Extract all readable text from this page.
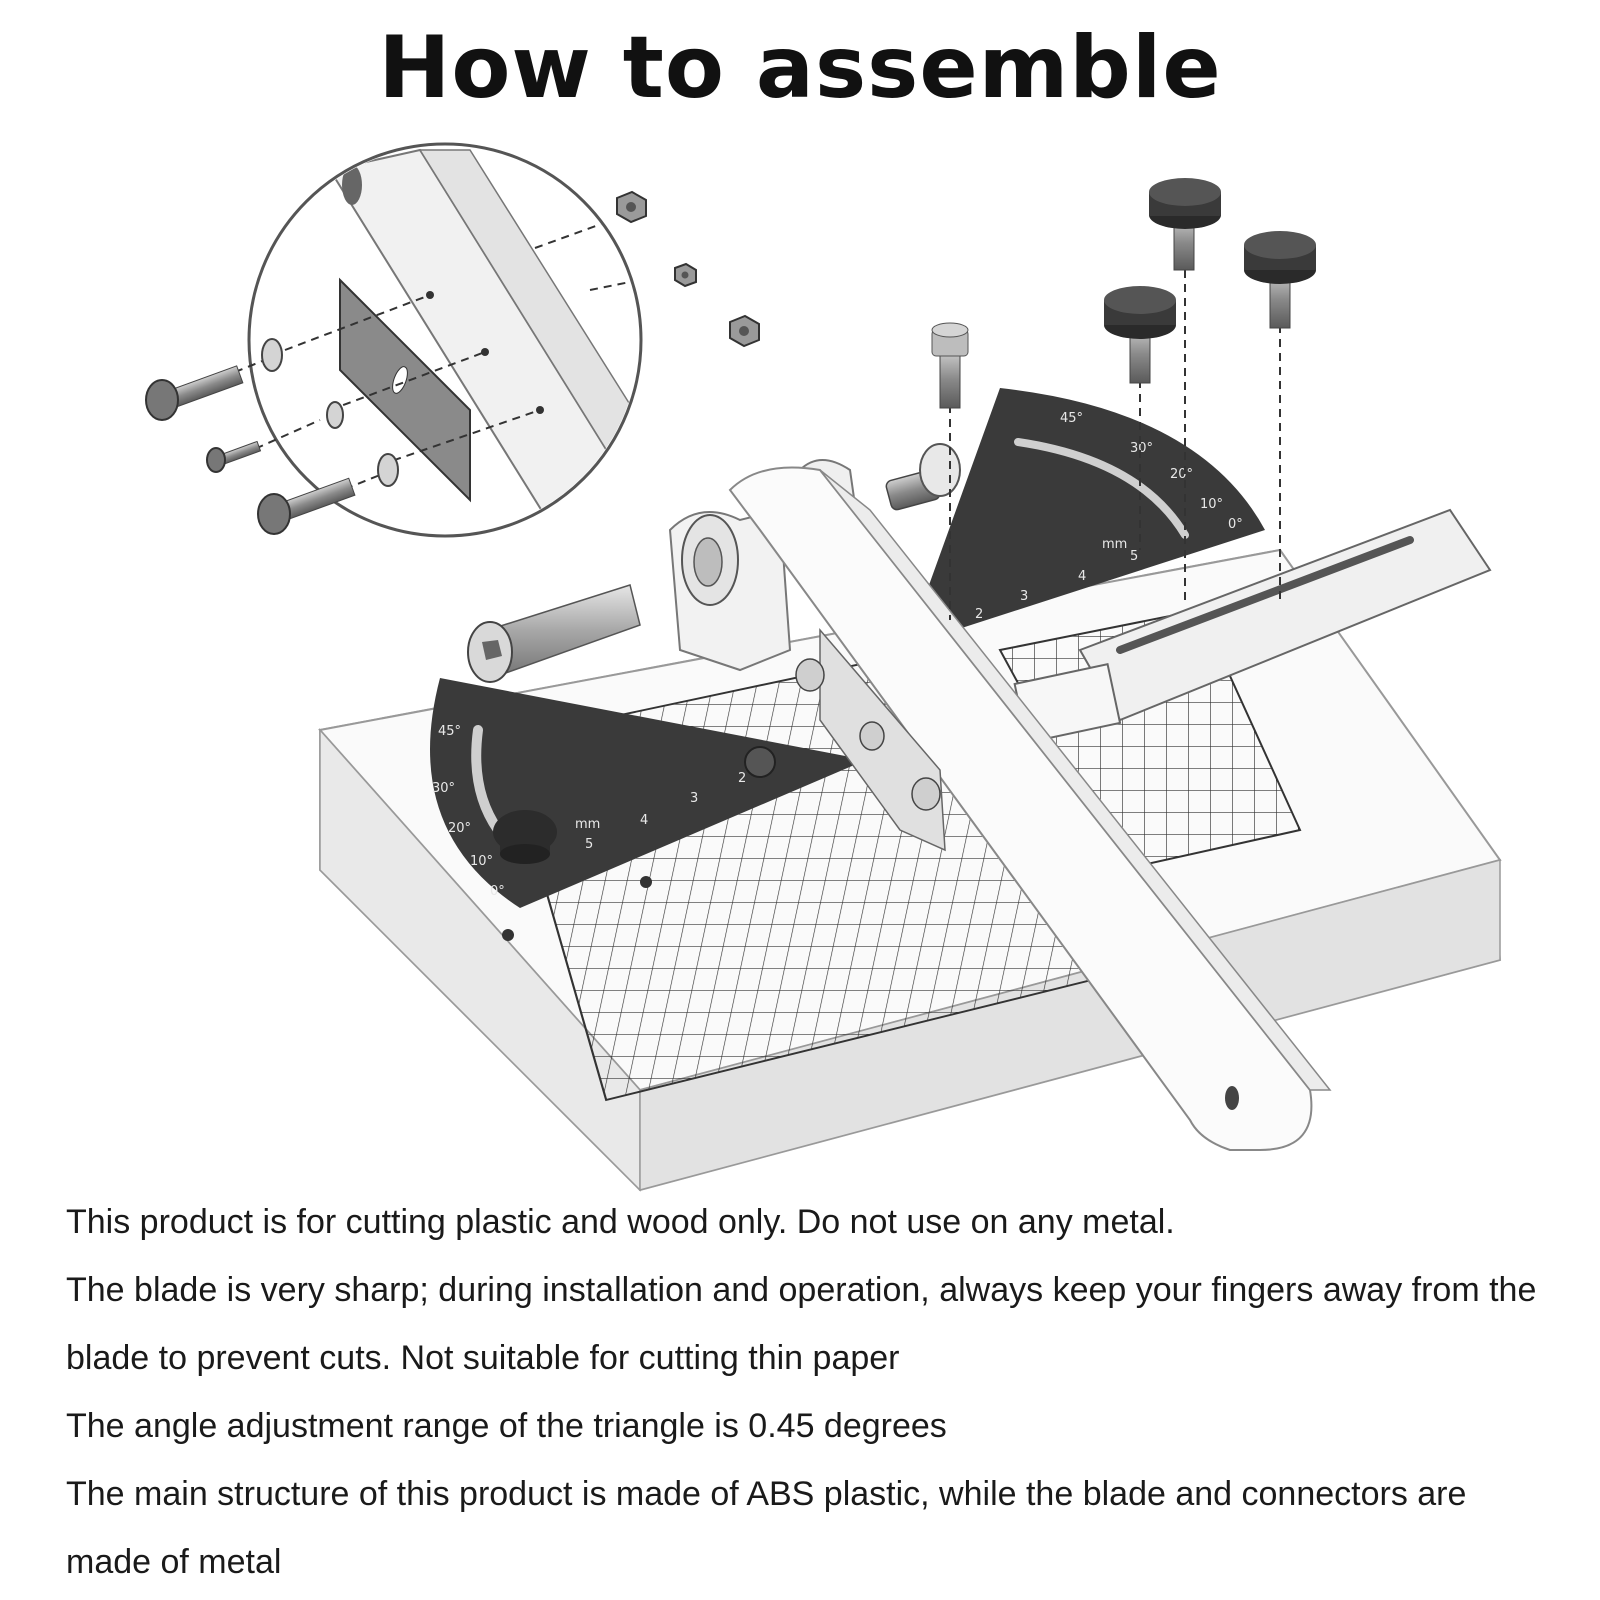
How to assemble
45°
30°
20°
10°
0°
mm
5
4
3
2
45°
30°
20°
10°
0°
mm
5
4
3
2

This product is for cutting plastic and wood only. Do not use on any metal.

The blade is very sharp; during installation and operation, always keep your fingers away from the

blade to prevent cuts. Not suitable for cutting thin paper

The angle adjustment range of the triangle is 0.45 degrees

The main structure of this product is made of ABS plastic, while the blade and connectors are

made of metal
